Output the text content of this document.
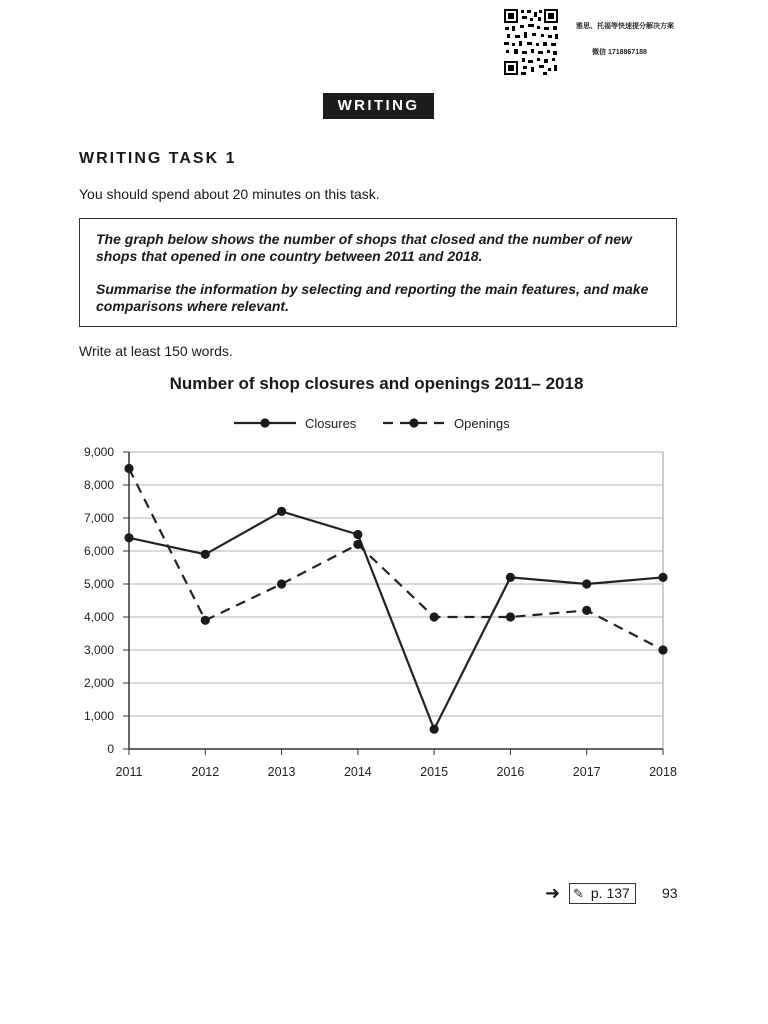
雅思、托福等快速提分解决方案
微信 1718867188
WRITING
WRITING TASK 1
You should spend about 20 minutes on this task.
The graph below shows the number of shops that closed and the number of new shops that opened in one country between 2011 and 2018.
Summarise the information by selecting and reporting the main features, and make comparisons where relevant.
Write at least 150 words.
Number of shop closures and openings 2011– 2018
0
1,000
2,000
3,000
4,000
5,000
6,000
7,000
8,000
9,000
2011	2012	2013	2014	2015	2016	2017	2018
Closures	Openings
➜ ✎ p. 137	93
